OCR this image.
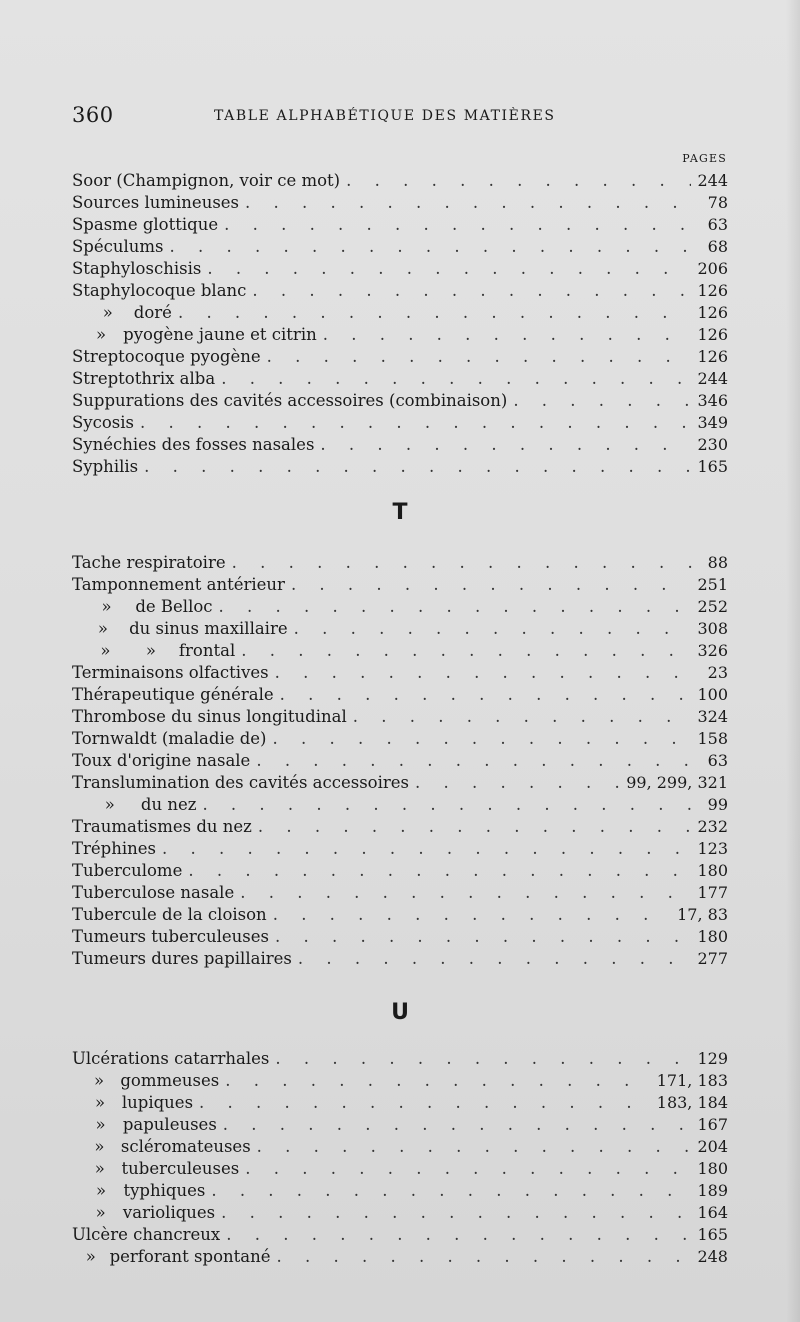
360	TABLE ALPHABÉTIQUE DES MATIÈRES
PAGES
Soor (Champignon, voir ce mot) . . .	244
Sources lumineuses . . .	78
Spasme glottique . . .	63
Spéculums . . .	68
Staphyloschisis . . .	206
Staphylocoque blanc . . .	126
»	doré . . .	126
»	pyogène jaune et citrin . . .	126
Streptocoque pyogène . . .	126
Streptothrix alba . . .	244
Suppurations des cavités accessoires (combinaison) . . .	346
Sycosis . . .	349
Synéchies des fosses nasales . . .	230
Syphilis . . .	165
T
Tache respiratoire . . .	88
Tamponnement antérieur . . .	251
»	de Belloc . . .	252
»	du sinus maxillaire . . .	308
»	»	frontal . . .	326
Terminaisons olfactives . . .	23
Thérapeutique générale . . .	100
Thrombose du sinus longitudinal . . .	324
Tornwaldt (maladie de) . . .	158
Toux d'origine nasale . . .	63
Translumination des cavités accessoires . . .	99, 299, 321
»	du nez . . .	99
Traumatismes du nez . . .	232
Tréphines . . .	123
Tuberculome . . .	180
Tuberculose nasale . . .	177
Tubercule de la cloison . . .	17, 83
Tumeurs tuberculeuses . . .	180
Tumeurs dures papillaires . . .	277
U
Ulcérations catarrhales . . .	129
» gommeuses . . .	171, 183
»	lupiques . . .	183, 184
»	papuleuses . . .	167
» scléromateuses . . .	204
»	tuberculeuses . . .	180
»	typhiques . . .	189
»	varioliques . . .	164
Ulcère chancreux . . .	165
» perforant spontané . . .	248
